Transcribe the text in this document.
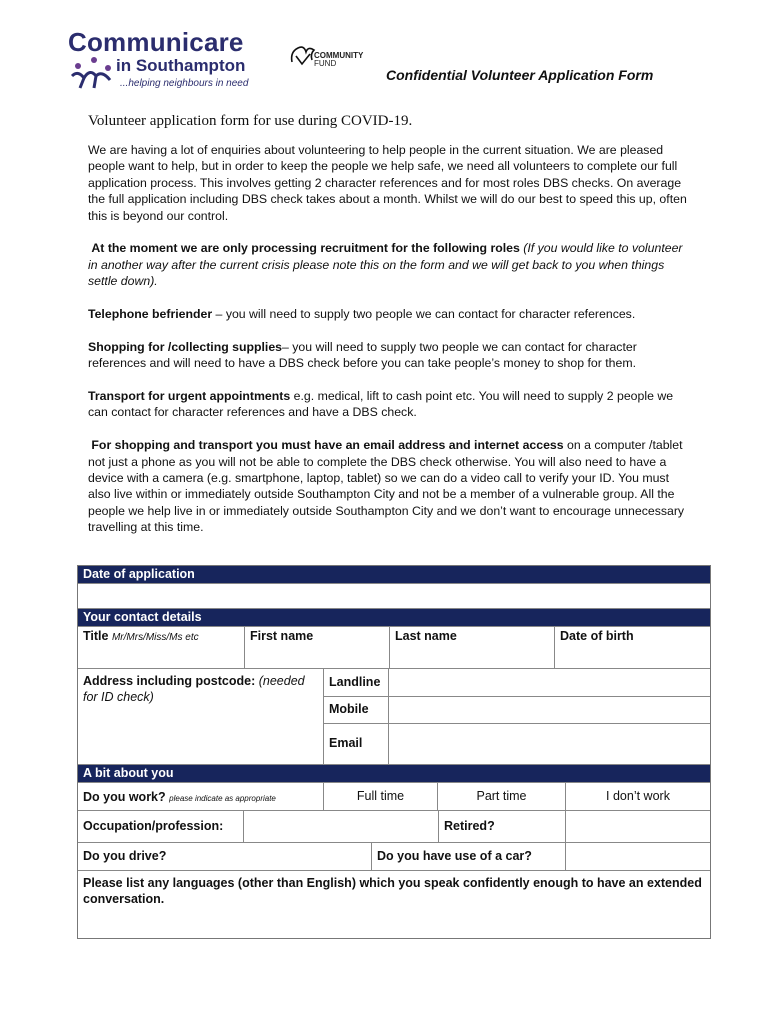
Communicare
in Southampton
...helping neighbours in need
COMMUNITY
FUND
Confidential Volunteer Application Form

Volunteer application form for use during COVID-19.

We are having a lot of enquiries about volunteering to help people in the current situation. We are pleased people want to help, but in order to keep the people we help safe, we need all volunteers to complete our full application process. This involves getting 2 character references and for most roles DBS checks. On average the full application including DBS check takes about a month. Whilst we will do our best to speed this up, often this is beyond our control.

At the moment we are only processing recruitment for the following roles (If you would like to volunteer in another way after the current crisis please note this on the form and we will get back to you when things settle down).

Telephone befriender – you will need to supply two people we can contact for character references.

Shopping for /collecting supplies– you will need to supply two people we can contact for character references and will need to have a DBS check before you can take people’s money to shop for them.

Transport for urgent appointments e.g. medical, lift to cash point etc. You will need to supply 2 people we can contact for character references and have a DBS check.

For shopping and transport you must have an email address and internet access on a computer /tablet not just a phone as you will not be able to complete the DBS check otherwise. You will also need to have a device with a camera (e.g. smartphone, laptop, tablet) so we can do a video call to verify your ID. You must also live within or immediately outside Southampton City and not be a member of a vulnerable group. All the people we help live in or immediately outside Southampton City and we don’t want to encourage unnecessary travelling at this time.

Date of application
Your contact details
Title Mr/Mrs/Miss/Ms etc	First name	Last name	Date of birth
Address including postcode: (needed for ID check)
Landline
Mobile
Email
A bit about you
Do you work? please indicate as appropriate	Full time	Part time	I don’t work
Occupation/profession:	Retired?
Do you drive?	Do you have use of a car?
Please list any languages (other than English) which you speak confidently enough to have an extended conversation.
